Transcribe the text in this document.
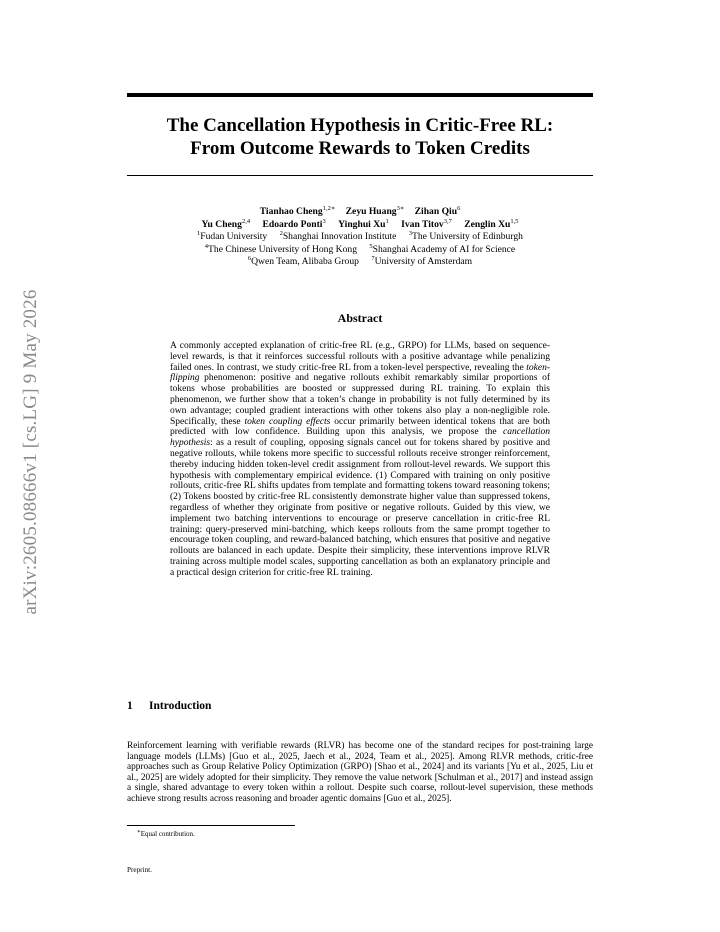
arXiv:2605.08666v1 [cs.LG] 9 May 2026
The Cancellation Hypothesis in Critic-Free RL:
From Outcome Rewards to Token Credits
Tianhao Cheng$^{1,2∗}$ Zeyu Huang$^{3∗}$ Zihan Qiu$^6$
Yu Cheng$^{2,4}$ Edoardo Ponti$^3$ Yinghui Xu$^1$ Ivan Titov$^{3,7}$ Zenglin Xu$^{1,5}$
$^1$Fudan University $^2$Shanghai Innovation Institute $^3$The University of Edinburgh
$^4$The Chinese University of Hong Kong $^5$Shanghai Academy of AI for Science
$^6$Qwen Team, Alibaba Group $^7$University of Amsterdam
Abstract
A commonly accepted explanation of critic-free RL (e.g., GRPO) for LLMs, based on sequence-level rewards, is that it reinforces successful rollouts with a positive advantage while penalizing failed ones. In contrast, we study critic-free RL from a token-level perspective, revealing the token-flipping phenomenon: positive and negative rollouts exhibit remarkably similar proportions of tokens whose probabilities are boosted or suppressed during RL training. To explain this phenomenon, we further show that a token’s change in probability is not fully determined by its own advantage; coupled gradient interactions with other tokens also play a non-negligible role. Specifically, these token coupling effects occur primarily between identical tokens that are both predicted with low confidence. Building upon this analysis, we propose the cancellation hypothesis: as a result of coupling, opposing signals cancel out for tokens shared by positive and negative rollouts, while tokens more specific to successful rollouts receive stronger reinforcement, thereby inducing hidden token-level credit assignment from rollout-level rewards. We support this hypothesis with complementary empirical evidence. (1) Compared with training on only positive rollouts, critic-free RL shifts updates from template and formatting tokens toward reasoning tokens; (2) Tokens boosted by critic-free RL consistently demonstrate higher value than suppressed tokens, regardless of whether they originate from positive or negative rollouts. Guided by this view, we implement two batching interventions to encourage or preserve cancellation in critic-free RL training: query-preserved mini-batching, which keeps rollouts from the same prompt together to encourage token coupling, and reward-balanced batching, which ensures that positive and negative rollouts are balanced in each update. Despite their simplicity, these interventions improve RLVR training across multiple model scales, supporting cancellation as both an explanatory principle and a practical design criterion for critic-free RL training.
1 Introduction
Reinforcement learning with verifiable rewards (RLVR) has become one of the standard recipes for post-training large language models (LLMs) [Guo et al., 2025, Jaech et al., 2024, Team et al., 2025]. Among RLVR methods, critic-free approaches such as Group Relative Policy Optimization (GRPO) [Shao et al., 2024] and its variants [Yu et al., 2025, Liu et al., 2025] are widely adopted for their simplicity. They remove the value network [Schulman et al., 2017] and instead assign a single, shared advantage to every token within a rollout. Despite such coarse, rollout-level supervision, these methods achieve strong results across reasoning and broader agentic domains [Guo et al., 2025].
∗Equal contribution.
Preprint.
